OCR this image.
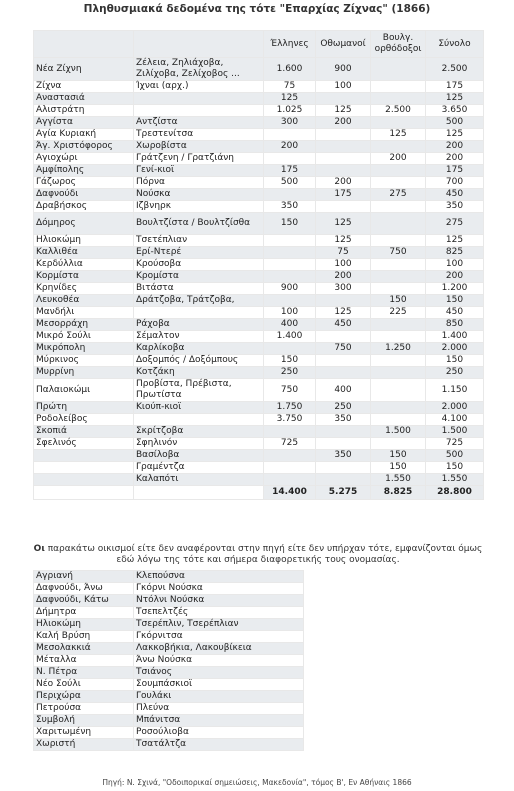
Πληθυσμιακά δεδομένα της τότε "Επαρχίας Ζίχνας" (1866)
		Έλληνες	Οθωμανοί	Βουλγ. ορθόδοξοι	Σύνολο
Νέα Ζίχνη	Ζέλεια, Ζηλιάχοβα, Ζιλίχοβα, Ζελίχοβος ...	1.600	900		2.500
Ζίχνα	Ίχναι (αρχ.)	75	100		175
Αναστασιά		125			125
Αλιστράτη		1.025	125	2.500	3.650
Αγγίστα	Αντζίστα	300	200		500
Αγία Κυριακή	Τρεστενίτσα			125	125
Άγ. Χριστόφορος	Χωροβίστα	200			200
Αγιοχώρι	Γράτζενη / Γρατζιάνη			200	200
Αμφίπολης	Γενί-κιοϊ	175			175
Γάζωρος	Πόρνα	500	200		700
Δαφνούδι	Νούσκα		175	275	450
Δραβήσκος	Ιζβνηρκ	350			350
Δόμηρος	Βουλτζίστα / Βουλτζίσθα	150	125		275
Ηλιοκώμη	Τσετέπλιαν		125		125
Καλλιθέα	Ερί-Ντερέ		75	750	825
Κερδύλλια	Κρούσοβα		100		100
Κορμίστα	Κρομίστα		200		200
Κρηνίδες	Βιτάστα	900	300		1.200
Λευκοθέα	Δράτζοβα, Τράτζοβα,			150	150
Μανδήλι		100	125	225	450
Μεσορράχη	Ράχοβα	400	450		850
Μικρό Σούλι	Σέμαλτον	1.400			1.400
Μικρόπολη	Καρλίκοβα		750	1.250	2.000
Μύρκινος	Δοξομπός / Δοξόμπους	150			150
Μυρρίνη	Κοτζάκη	250			250
Παλαιοκώμι	Προβίστα, Πρέβιστα, Πρωτίστα	750	400		1.150
Πρώτη	Κιούπ-κιοϊ	1.750	250		2.000
Ροδολείβος		3.750	350		4.100
Σκοπιά	Σκρίτζοβα			1.500	1.500
Σφελινός	Σφηλινόν	725			725
	Βασίλοβα		350	150	500
	Γραμέντζα			150	150
	Καλαπότι			1.550	1.550
		14.400	5.275	8.825	28.800
Οι παρακάτω οικισμοί είτε δεν αναφέρονται στην πηγή είτε δεν υπήρχαν τότε, εμφανίζονται όμως εδώ λόγω της τότε και σήμερα διαφορετικής τους ονομασίας.
Αγριανή	Κλεπούσνα	
Δαφνούδι, Άνω	Γκόρνι Νούσκα	
Δαφνούδι, Κάτω	Ντόλνι Νούσκα	
Δήμητρα	Τσεπελτζές	
Ηλιοκώμη	Τσερέπλιν, Τσερέπλιαν	
Καλή Βρύση	Γκόρνιτσα	
Μεσολακκιά	Λακκοβήκια, Λακουβίκεια	
Μέταλλα	Άνω Νούσκα	
Ν. Πέτρα	Τσιάνος	
Νέο Σούλι	Σουμπάσκιοϊ	
Περιχώρα	Γουλάκι	
Πετρούσα	Πλεύνα	
Συμβολή	Μπάνιτσα	
Χαριτωμένη	Ροσούλιοβα	
Χωριστή	Τσατάλτζα	
Πηγή: Ν. Σχινά, "Οδοιπορικαί σημειώσεις, Μακεδονία", τόμος Β', Εν Αθήναις 1866
